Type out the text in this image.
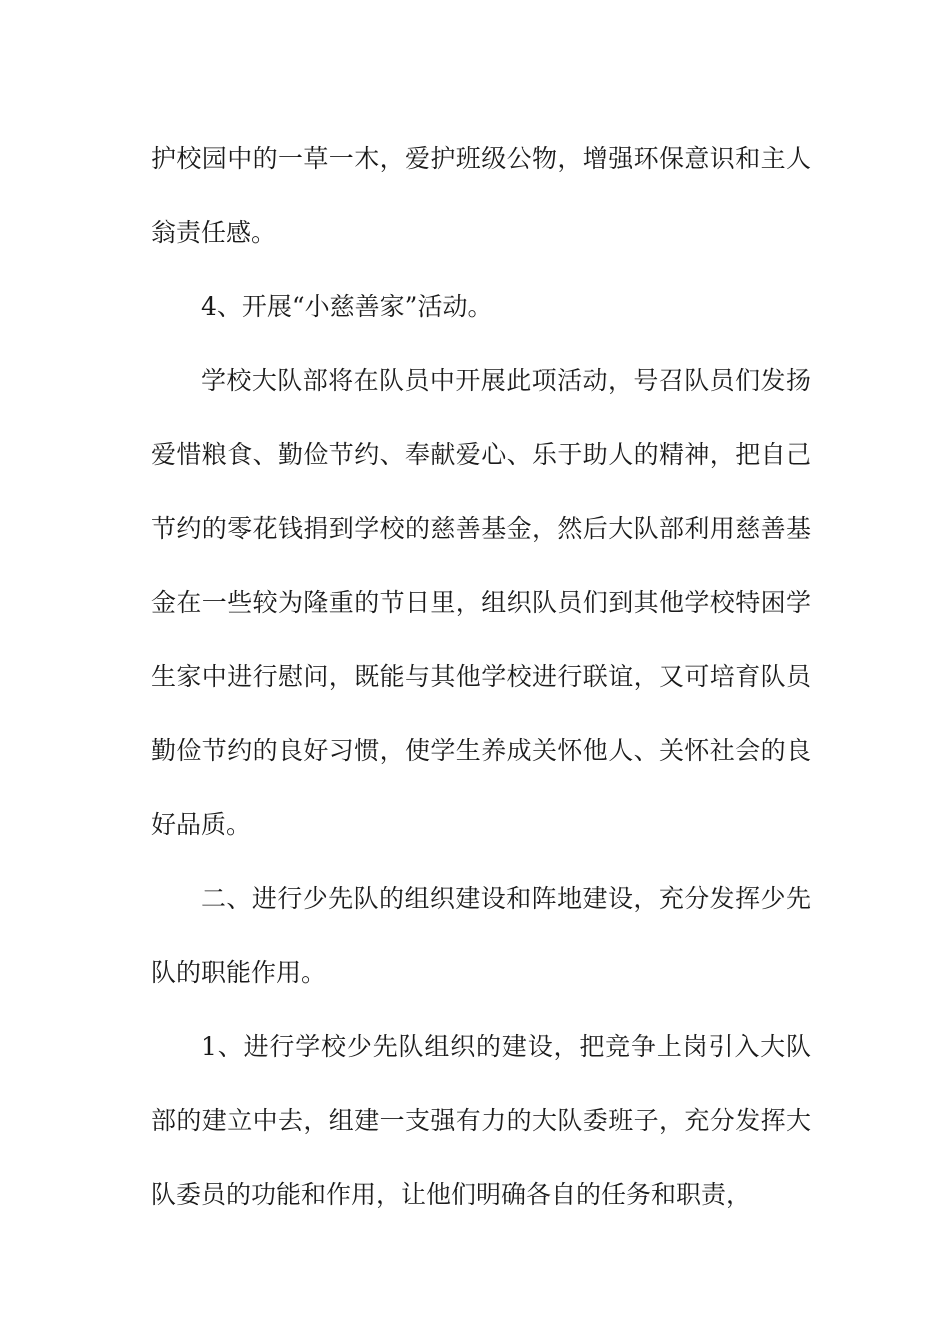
护校园中的一草一木，爱护班级公物，增强环保意识和主人翁责任感。

4、开展“小慈善家”活动。

学校大队部将在队员中开展此项活动，号召队员们发扬爱惜粮食、勤俭节约、奉献爱心、乐于助人的精神，把自己节约的零花钱捐到学校的慈善基金，然后大队部利用慈善基金在一些较为隆重的节日里，组织队员们到其他学校特困学生家中进行慰问，既能与其他学校进行联谊，又可培育队员勤俭节约的良好习惯，使学生养成关怀他人、关怀社会的良好品质。

二、进行少先队的组织建设和阵地建设，充分发挥少先队的职能作用。

1、进行学校少先队组织的建设，把竞争上岗引入大队部的建立中去，组建一支强有力的大队委班子，充分发挥大队委员的功能和作用，让他们明确各自的任务和职责，
